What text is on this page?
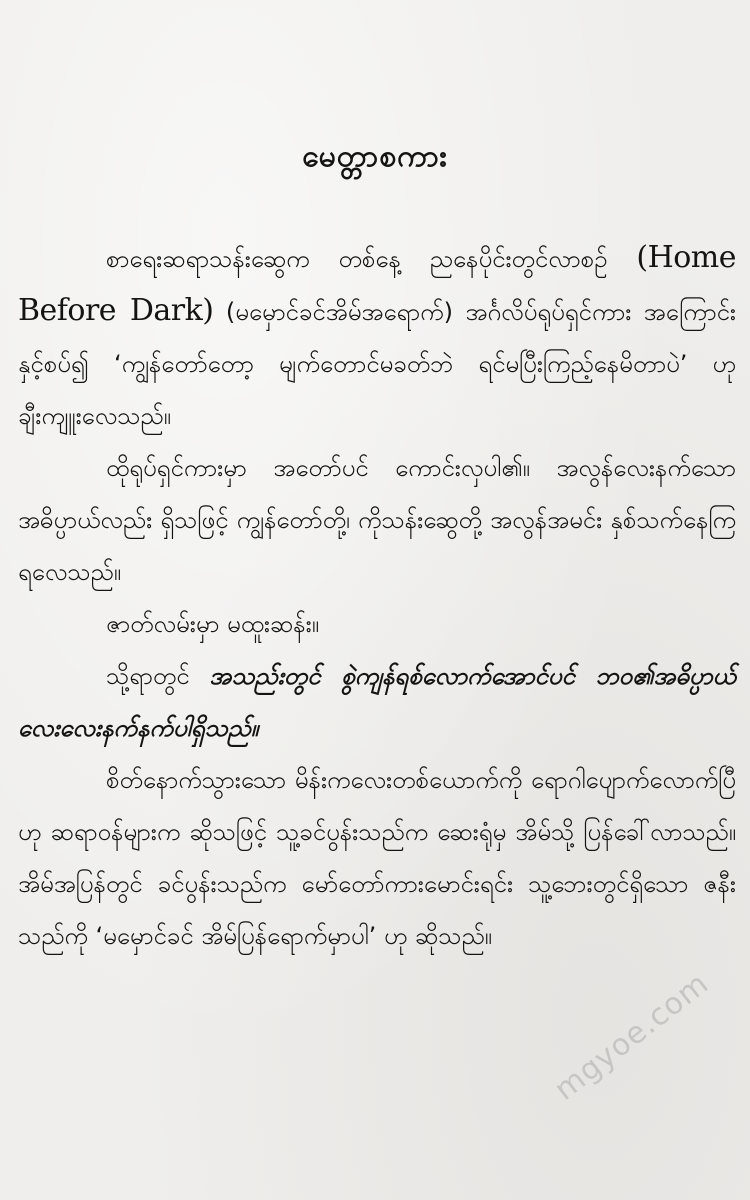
မေတ္တာစကား

စာရေးဆရာသန်းဆွေက တစ်နေ့ ညနေပိုင်းတွင်လာစဉ် (Home Before Dark) (မမှောင်ခင်အိမ်အရောက်) အင်္ဂလိပ်ရုပ်ရှင်ကား အကြောင်းနှင့်စပ်၍ ‘ကျွန်တော်တော့ မျက်တောင်မခတ်ဘဲ ရင်မပြီးကြည့်နေမိတာပဲ’ ဟု ချီးကျူးလေသည်။

ထိုရုပ်ရှင်ကားမှာ အတော်ပင် ကောင်းလှပါ၏။ အလွန်လေးနက်သော အဓိပ္ပာယ်လည်း ရှိသဖြင့် ကျွန်တော်တို့၊ ကိုသန်းဆွေတို့ အလွန်အမင်း နှစ်သက်နေကြရလေသည်။

ဇာတ်လမ်းမှာ မထူးဆန်း။

သို့ရာတွင် အသည်းတွင် စွဲကျန်ရစ်လောက်အောင်ပင် ဘဝ၏အဓိပ္ပာယ် လေးလေးနက်နက်ပါရှိသည်။

စိတ်နောက်သွားသော မိန်းကလေးတစ်ယောက်ကို ရောဂါပျောက်လောက်ပြီဟု ဆရာဝန်များက ဆိုသဖြင့် သူ့ခင်ပွန်းသည်က ဆေးရုံမှ အိမ်သို့ ပြန်ခေါ်လာသည်။ အိမ်အပြန်တွင် ခင်ပွန်းသည်က မော်တော်ကားမောင်းရင်း သူ့ဘေးတွင်ရှိသော ဇနီးသည်ကို ‘မမှောင်ခင် အိမ်ပြန်ရောက်မှာပါ’ ဟု ဆိုသည်။

mgyoe.com
